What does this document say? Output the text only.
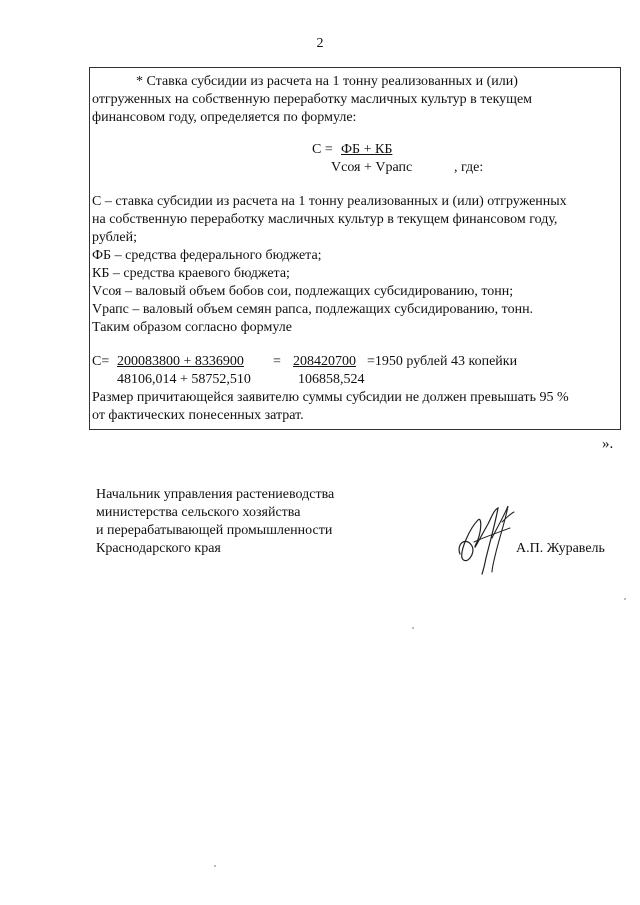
2
* Ставка субсидии из расчета на 1 тонну реализованных и (или)
отгруженных на собственную переработку масличных культур в текущем
финансовом году, определяется по формуле:
С = ФБ + КБ
Vсоя + Vрапс	, где:
С – ставка субсидии из расчета на 1 тонну реализованных и (или) отгруженных
на собственную переработку масличных культур в текущем финансовом году,
рублей;
ФБ – средства федерального бюджета;
КБ – средства краевого бюджета;
Vсоя – валовый объем бобов сои, подлежащих субсидированию, тонн;
Vрапс – валовый объем семян рапса, подлежащих субсидированию, тонн.
Таким образом согласно формуле
С= 200083800 + 8336900 = 208420700 =1950 рублей 43 копейки
48106,014 + 58752,510	106858,524
Размер причитающейся заявителю суммы субсидии не должен превышать 95 %
от фактических понесенных затрат.
».
Начальник управления растениеводства
министерства сельского хозяйства
и перерабатывающей промышленности
Краснодарского края	А.П. Журавель
